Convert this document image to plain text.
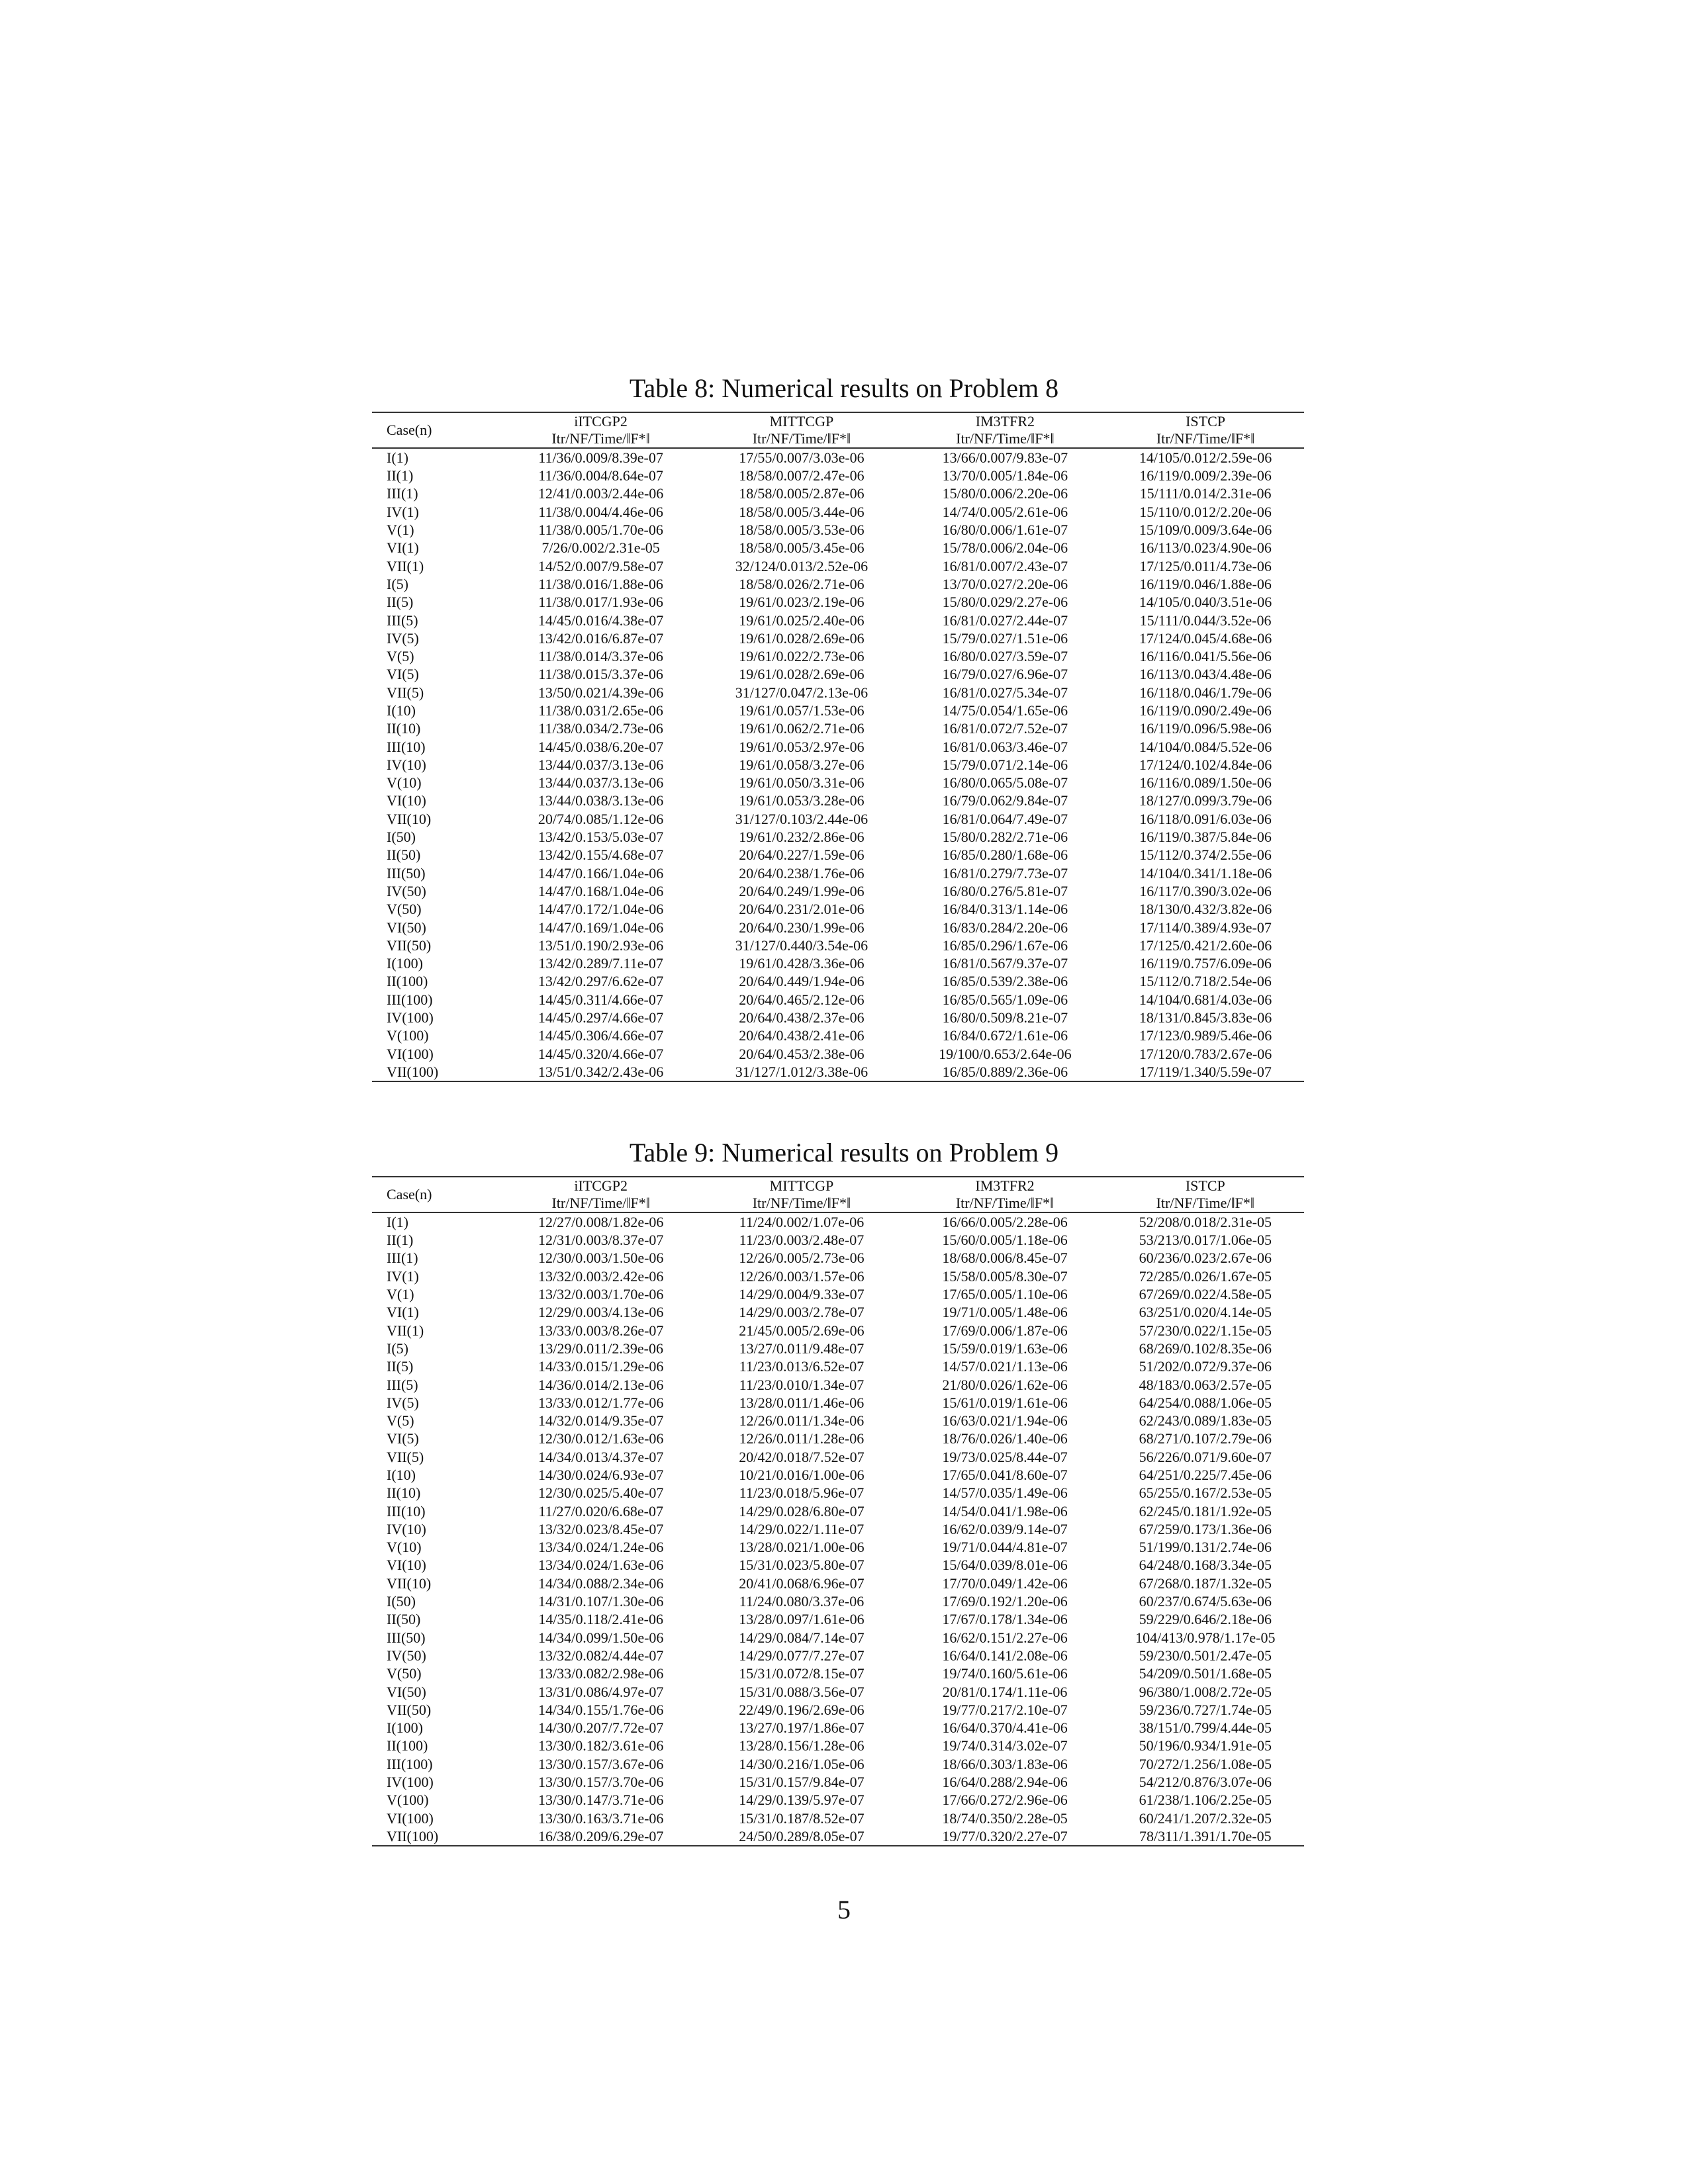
Table 8: Numerical results on Problem 8
Case(n)	iITCGP2	MITTCGP	IM3TFR2	ISTCP
	Itr/NF/Time/‖F*‖	Itr/NF/Time/‖F*‖	Itr/NF/Time/‖F*‖	Itr/NF/Time/‖F*‖
I(1)	11/36/0.009/8.39e-07	17/55/0.007/3.03e-06	13/66/0.007/9.83e-07	14/105/0.012/2.59e-06
II(1)	11/36/0.004/8.64e-07	18/58/0.007/2.47e-06	13/70/0.005/1.84e-06	16/119/0.009/2.39e-06
III(1)	12/41/0.003/2.44e-06	18/58/0.005/2.87e-06	15/80/0.006/2.20e-06	15/111/0.014/2.31e-06
IV(1)	11/38/0.004/4.46e-06	18/58/0.005/3.44e-06	14/74/0.005/2.61e-06	15/110/0.012/2.20e-06
V(1)	11/38/0.005/1.70e-06	18/58/0.005/3.53e-06	16/80/0.006/1.61e-07	15/109/0.009/3.64e-06
VI(1)	7/26/0.002/2.31e-05	18/58/0.005/3.45e-06	15/78/0.006/2.04e-06	16/113/0.023/4.90e-06
VII(1)	14/52/0.007/9.58e-07	32/124/0.013/2.52e-06	16/81/0.007/2.43e-07	17/125/0.011/4.73e-06
I(5)	11/38/0.016/1.88e-06	18/58/0.026/2.71e-06	13/70/0.027/2.20e-06	16/119/0.046/1.88e-06
II(5)	11/38/0.017/1.93e-06	19/61/0.023/2.19e-06	15/80/0.029/2.27e-06	14/105/0.040/3.51e-06
III(5)	14/45/0.016/4.38e-07	19/61/0.025/2.40e-06	16/81/0.027/2.44e-07	15/111/0.044/3.52e-06
IV(5)	13/42/0.016/6.87e-07	19/61/0.028/2.69e-06	15/79/0.027/1.51e-06	17/124/0.045/4.68e-06
V(5)	11/38/0.014/3.37e-06	19/61/0.022/2.73e-06	16/80/0.027/3.59e-07	16/116/0.041/5.56e-06
VI(5)	11/38/0.015/3.37e-06	19/61/0.028/2.69e-06	16/79/0.027/6.96e-07	16/113/0.043/4.48e-06
VII(5)	13/50/0.021/4.39e-06	31/127/0.047/2.13e-06	16/81/0.027/5.34e-07	16/118/0.046/1.79e-06
I(10)	11/38/0.031/2.65e-06	19/61/0.057/1.53e-06	14/75/0.054/1.65e-06	16/119/0.090/2.49e-06
II(10)	11/38/0.034/2.73e-06	19/61/0.062/2.71e-06	16/81/0.072/7.52e-07	16/119/0.096/5.98e-06
III(10)	14/45/0.038/6.20e-07	19/61/0.053/2.97e-06	16/81/0.063/3.46e-07	14/104/0.084/5.52e-06
IV(10)	13/44/0.037/3.13e-06	19/61/0.058/3.27e-06	15/79/0.071/2.14e-06	17/124/0.102/4.84e-06
V(10)	13/44/0.037/3.13e-06	19/61/0.050/3.31e-06	16/80/0.065/5.08e-07	16/116/0.089/1.50e-06
VI(10)	13/44/0.038/3.13e-06	19/61/0.053/3.28e-06	16/79/0.062/9.84e-07	18/127/0.099/3.79e-06
VII(10)	20/74/0.085/1.12e-06	31/127/0.103/2.44e-06	16/81/0.064/7.49e-07	16/118/0.091/6.03e-06
I(50)	13/42/0.153/5.03e-07	19/61/0.232/2.86e-06	15/80/0.282/2.71e-06	16/119/0.387/5.84e-06
II(50)	13/42/0.155/4.68e-07	20/64/0.227/1.59e-06	16/85/0.280/1.68e-06	15/112/0.374/2.55e-06
III(50)	14/47/0.166/1.04e-06	20/64/0.238/1.76e-06	16/81/0.279/7.73e-07	14/104/0.341/1.18e-06
IV(50)	14/47/0.168/1.04e-06	20/64/0.249/1.99e-06	16/80/0.276/5.81e-07	16/117/0.390/3.02e-06
V(50)	14/47/0.172/1.04e-06	20/64/0.231/2.01e-06	16/84/0.313/1.14e-06	18/130/0.432/3.82e-06
VI(50)	14/47/0.169/1.04e-06	20/64/0.230/1.99e-06	16/83/0.284/2.20e-06	17/114/0.389/4.93e-07
VII(50)	13/51/0.190/2.93e-06	31/127/0.440/3.54e-06	16/85/0.296/1.67e-06	17/125/0.421/2.60e-06
I(100)	13/42/0.289/7.11e-07	19/61/0.428/3.36e-06	16/81/0.567/9.37e-07	16/119/0.757/6.09e-06
II(100)	13/42/0.297/6.62e-07	20/64/0.449/1.94e-06	16/85/0.539/2.38e-06	15/112/0.718/2.54e-06
III(100)	14/45/0.311/4.66e-07	20/64/0.465/2.12e-06	16/85/0.565/1.09e-06	14/104/0.681/4.03e-06
IV(100)	14/45/0.297/4.66e-07	20/64/0.438/2.37e-06	16/80/0.509/8.21e-07	18/131/0.845/3.83e-06
V(100)	14/45/0.306/4.66e-07	20/64/0.438/2.41e-06	16/84/0.672/1.61e-06	17/123/0.989/5.46e-06
VI(100)	14/45/0.320/4.66e-07	20/64/0.453/2.38e-06	19/100/0.653/2.64e-06	17/120/0.783/2.67e-06
VII(100)	13/51/0.342/2.43e-06	31/127/1.012/3.38e-06	16/85/0.889/2.36e-06	17/119/1.340/5.59e-07
Table 9: Numerical results on Problem 9
Case(n)	iITCGP2	MITTCGP	IM3TFR2	ISTCP
	Itr/NF/Time/‖F*‖	Itr/NF/Time/‖F*‖	Itr/NF/Time/‖F*‖	Itr/NF/Time/‖F*‖
I(1)	12/27/0.008/1.82e-06	11/24/0.002/1.07e-06	16/66/0.005/2.28e-06	52/208/0.018/2.31e-05
II(1)	12/31/0.003/8.37e-07	11/23/0.003/2.48e-07	15/60/0.005/1.18e-06	53/213/0.017/1.06e-05
III(1)	12/30/0.003/1.50e-06	12/26/0.005/2.73e-06	18/68/0.006/8.45e-07	60/236/0.023/2.67e-06
IV(1)	13/32/0.003/2.42e-06	12/26/0.003/1.57e-06	15/58/0.005/8.30e-07	72/285/0.026/1.67e-05
V(1)	13/32/0.003/1.70e-06	14/29/0.004/9.33e-07	17/65/0.005/1.10e-06	67/269/0.022/4.58e-05
VI(1)	12/29/0.003/4.13e-06	14/29/0.003/2.78e-07	19/71/0.005/1.48e-06	63/251/0.020/4.14e-05
VII(1)	13/33/0.003/8.26e-07	21/45/0.005/2.69e-06	17/69/0.006/1.87e-06	57/230/0.022/1.15e-05
I(5)	13/29/0.011/2.39e-06	13/27/0.011/9.48e-07	15/59/0.019/1.63e-06	68/269/0.102/8.35e-06
II(5)	14/33/0.015/1.29e-06	11/23/0.013/6.52e-07	14/57/0.021/1.13e-06	51/202/0.072/9.37e-06
III(5)	14/36/0.014/2.13e-06	11/23/0.010/1.34e-07	21/80/0.026/1.62e-06	48/183/0.063/2.57e-05
IV(5)	13/33/0.012/1.77e-06	13/28/0.011/1.46e-06	15/61/0.019/1.61e-06	64/254/0.088/1.06e-05
V(5)	14/32/0.014/9.35e-07	12/26/0.011/1.34e-06	16/63/0.021/1.94e-06	62/243/0.089/1.83e-05
VI(5)	12/30/0.012/1.63e-06	12/26/0.011/1.28e-06	18/76/0.026/1.40e-06	68/271/0.107/2.79e-06
VII(5)	14/34/0.013/4.37e-07	20/42/0.018/7.52e-07	19/73/0.025/8.44e-07	56/226/0.071/9.60e-07
I(10)	14/30/0.024/6.93e-07	10/21/0.016/1.00e-06	17/65/0.041/8.60e-07	64/251/0.225/7.45e-06
II(10)	12/30/0.025/5.40e-07	11/23/0.018/5.96e-07	14/57/0.035/1.49e-06	65/255/0.167/2.53e-05
III(10)	11/27/0.020/6.68e-07	14/29/0.028/6.80e-07	14/54/0.041/1.98e-06	62/245/0.181/1.92e-05
IV(10)	13/32/0.023/8.45e-07	14/29/0.022/1.11e-07	16/62/0.039/9.14e-07	67/259/0.173/1.36e-06
V(10)	13/34/0.024/1.24e-06	13/28/0.021/1.00e-06	19/71/0.044/4.81e-07	51/199/0.131/2.74e-06
VI(10)	13/34/0.024/1.63e-06	15/31/0.023/5.80e-07	15/64/0.039/8.01e-06	64/248/0.168/3.34e-05
VII(10)	14/34/0.088/2.34e-06	20/41/0.068/6.96e-07	17/70/0.049/1.42e-06	67/268/0.187/1.32e-05
I(50)	14/31/0.107/1.30e-06	11/24/0.080/3.37e-06	17/69/0.192/1.20e-06	60/237/0.674/5.63e-06
II(50)	14/35/0.118/2.41e-06	13/28/0.097/1.61e-06	17/67/0.178/1.34e-06	59/229/0.646/2.18e-06
III(50)	14/34/0.099/1.50e-06	14/29/0.084/7.14e-07	16/62/0.151/2.27e-06	104/413/0.978/1.17e-05
IV(50)	13/32/0.082/4.44e-07	14/29/0.077/7.27e-07	16/64/0.141/2.08e-06	59/230/0.501/2.47e-05
V(50)	13/33/0.082/2.98e-06	15/31/0.072/8.15e-07	19/74/0.160/5.61e-06	54/209/0.501/1.68e-05
VI(50)	13/31/0.086/4.97e-07	15/31/0.088/3.56e-07	20/81/0.174/1.11e-06	96/380/1.008/2.72e-05
VII(50)	14/34/0.155/1.76e-06	22/49/0.196/2.69e-06	19/77/0.217/2.10e-07	59/236/0.727/1.74e-05
I(100)	14/30/0.207/7.72e-07	13/27/0.197/1.86e-07	16/64/0.370/4.41e-06	38/151/0.799/4.44e-05
II(100)	13/30/0.182/3.61e-06	13/28/0.156/1.28e-06	19/74/0.314/3.02e-07	50/196/0.934/1.91e-05
III(100)	13/30/0.157/3.67e-06	14/30/0.216/1.05e-06	18/66/0.303/1.83e-06	70/272/1.256/1.08e-05
IV(100)	13/30/0.157/3.70e-06	15/31/0.157/9.84e-07	16/64/0.288/2.94e-06	54/212/0.876/3.07e-06
V(100)	13/30/0.147/3.71e-06	14/29/0.139/5.97e-07	17/66/0.272/2.96e-06	61/238/1.106/2.25e-05
VI(100)	13/30/0.163/3.71e-06	15/31/0.187/8.52e-07	18/74/0.350/2.28e-05	60/241/1.207/2.32e-05
VII(100)	16/38/0.209/6.29e-07	24/50/0.289/8.05e-07	19/77/0.320/2.27e-07	78/311/1.391/1.70e-05
5
